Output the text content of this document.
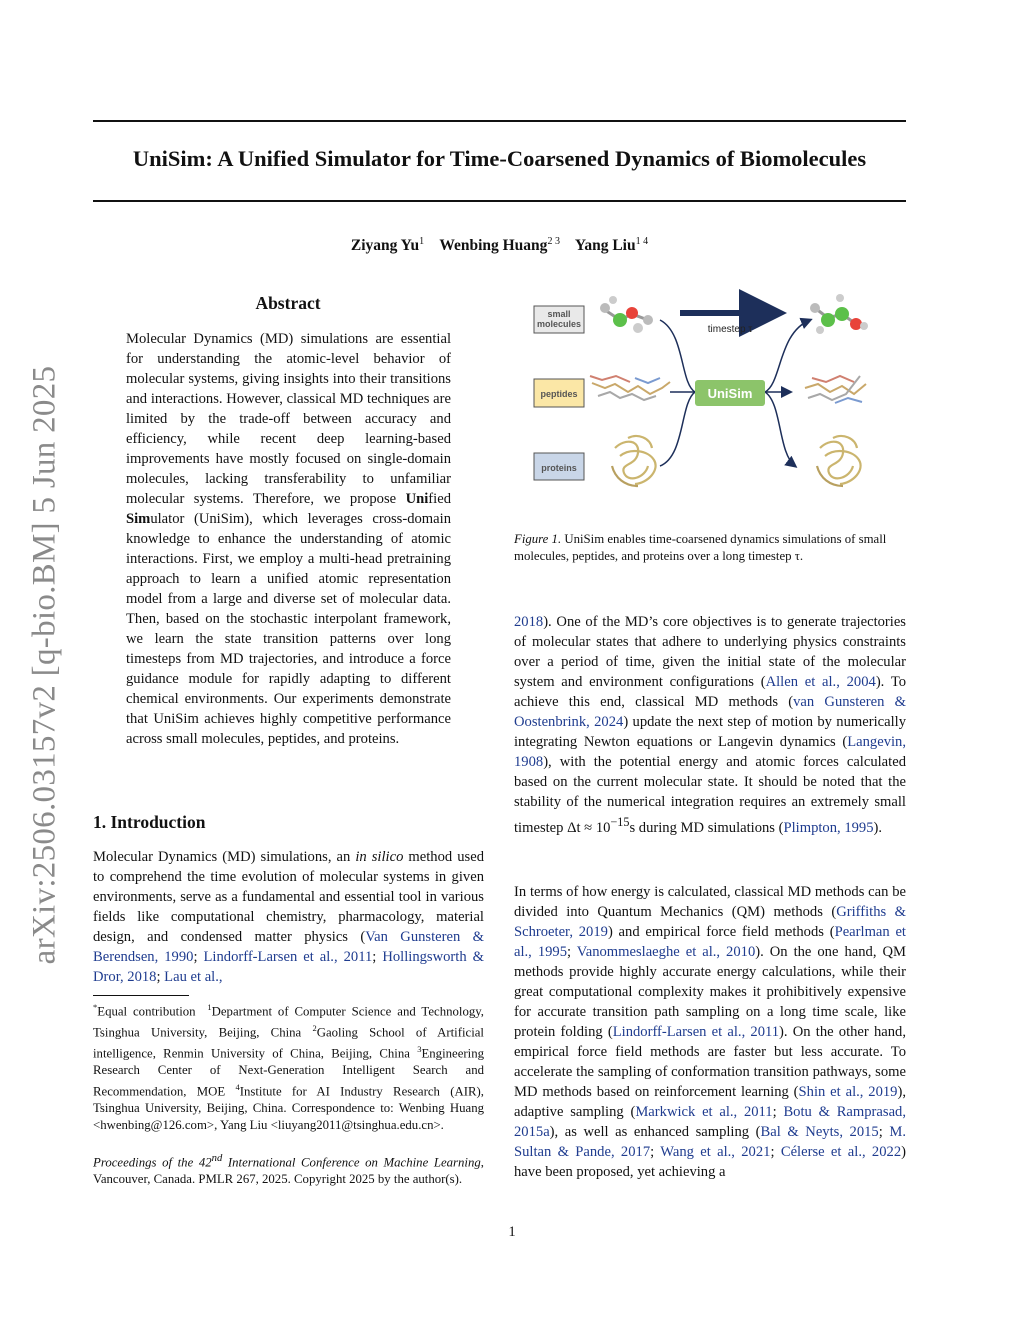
UniSim: A Unified Simulator for Time-Coarsened Dynamics of Biomolecules
Ziyang Yu$^1$ Wenbing Huang$^{2 3}$ Yang Liu$^{1 4}$
arXiv:2506.03157v2 [q-bio.BM] 5 Jun 2025
Abstract

Molecular Dynamics (MD) simulations are essential for understanding the atomic-level behavior of molecular systems, giving insights into their transitions and interactions. However, classical MD techniques are limited by the trade-off between accuracy and efficiency, while recent deep learning-based improvements have mostly focused on single-domain molecules, lacking transferability to unfamiliar molecular systems. Therefore, we propose Unified Simulator (UniSim), which leverages cross-domain knowledge to enhance the understanding of atomic interactions. First, we employ a multi-head pretraining approach to learn a unified atomic representation model from a large and diverse set of molecular data. Then, based on the stochastic interpolant framework, we learn the state transition patterns over long timesteps from MD trajectories, and introduce a force guidance module for rapidly adapting to different chemical environments. Our experiments demonstrate that UniSim achieves highly competitive performance across small molecules, peptides, and proteins.

1. Introduction

Molecular Dynamics (MD) simulations, an in silico method used to comprehend the time evolution of molecular systems in given environments, serve as a fundamental and essential tool in various fields like computational chemistry, pharmacology, material design, and condensed matter physics (Van Gunsteren & Berendsen, 1990; Lindorff-Larsen et al., 2011; Hollingsworth & Dror, 2018; Lau et al.,

*Equal contribution $^1$Department of Computer Science and Technology, Tsinghua University, Beijing, China $^2$Gaoling School of Artificial intelligence, Renmin University of China, Beijing, China $^3$Engineering Research Center of Next-Generation Intelligent Search and Recommendation, MOE $^4$Institute for AI Industry Research (AIR), Tsinghua University, Beijing, China. Correspondence to: Wenbing Huang <hwenbing@126.com>, Yang Liu <liuyang2011@tsinghua.edu.cn>.

Proceedings of the 42nd International Conference on Machine Learning, Vancouver, Canada. PMLR 267, 2025. Copyright 2025 by the author(s).

small
molecules
peptides
proteins
timestep τ
UniSim

Figure 1. UniSim enables time-coarsened dynamics simulations of small molecules, peptides, and proteins over a long timestep τ.

2018). One of the MD’s core objectives is to generate trajectories of molecular states that adhere to underlying physics constraints over a period of time, given the initial state of the molecular system and environment configurations (Allen et al., 2004). To achieve this end, classical MD methods (van Gunsteren & Oostenbrink, 2024) update the next step of motion by numerically integrating Newton equations or Langevin dynamics (Langevin, 1908), with the potential energy and atomic forces calculated based on the current molecular state. It should be noted that the stability of the numerical integration requires an extremely small timestep $\Delta t \approx 10^{-15}s$ during MD simulations (Plimpton, 1995).

In terms of how energy is calculated, classical MD methods can be divided into Quantum Mechanics (QM) methods (Griffiths & Schroeter, 2019) and empirical force field methods (Pearlman et al., 1995; Vanommeslaeghe et al., 2010). On the one hand, QM methods provide highly accurate energy calculations, while their great computational complexity makes it prohibitively expensive for accurate transition path sampling on a long time scale, like protein folding (Lindorff-Larsen et al., 2011). On the other hand, empirical force field methods are faster but less accurate. To accelerate the sampling of conformation transition pathways, some MD methods based on reinforcement learning (Shin et al., 2019), adaptive sampling (Markwick et al., 2011; Botu & Ramprasad, 2015a), as well as enhanced sampling (Bal & Neyts, 2015; M. Sultan & Pande, 2017; Wang et al., 2021; Célerse et al., 2022) have been proposed, yet achieving a

1
